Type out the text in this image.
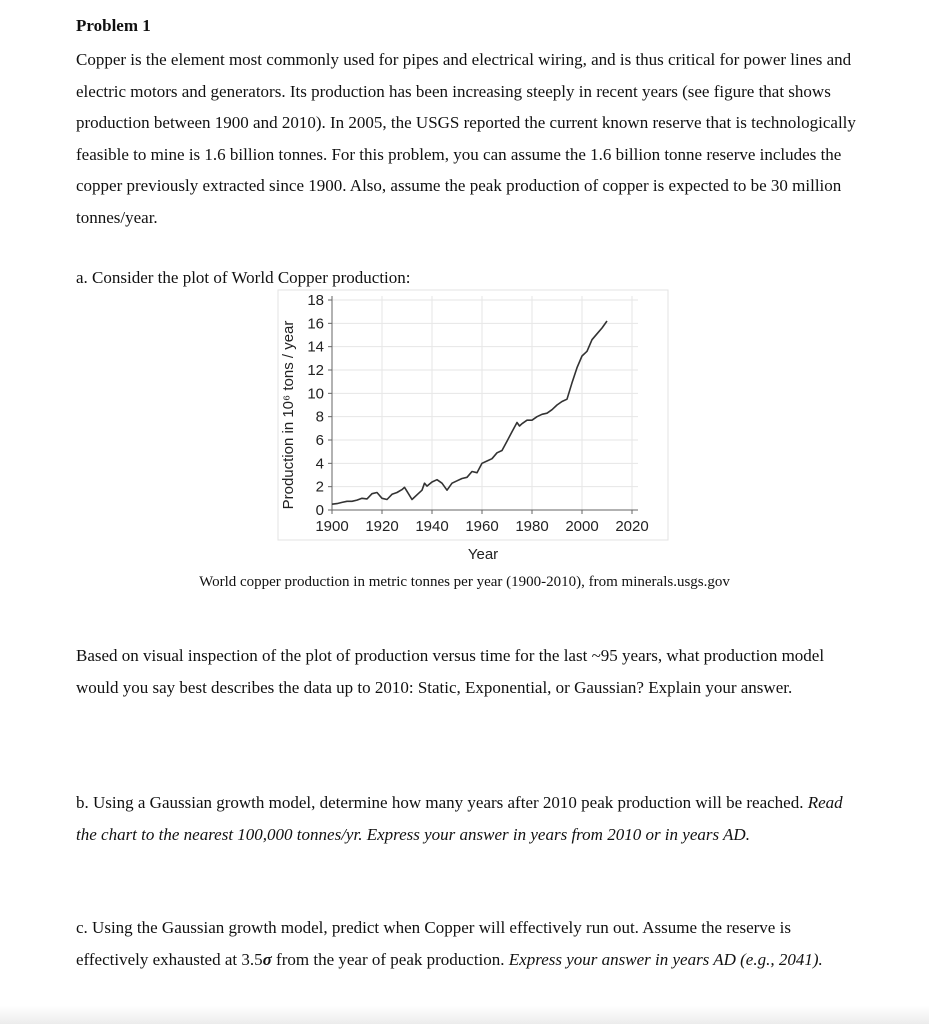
Problem 1

Copper is the element most commonly used for pipes and electrical wiring, and is thus critical for power lines and electric motors and generators. Its production has been increasing steeply in recent years (see figure that shows production between 1900 and 2010). In 2005, the USGS reported the current known reserve that is technologically feasible to mine is 1.6 billion tonnes. For this problem, you can assume the 1.6 billion tonne reserve includes the copper previously extracted since 1900. Also, assume the peak production of copper is expected to be 30 million tonnes/year.

a. Consider the plot of World Copper production:

1900 1920 1940 1960 1980 2000 2020
0
2
4
6
8
10
12
14
16
18
Production in 10⁶ tons / year
Year
World copper production in metric tonnes per year (1900-2010), from minerals.usgs.gov

Based on visual inspection of the plot of production versus time for the last ~95 years, what production model would you say best describes the data up to 2010: Static, Exponential, or Gaussian? Explain your answer.

b. Using a Gaussian growth model, determine how many years after 2010 peak production will be reached. Read the chart to the nearest 100,000 tonnes/yr. Express your answer in years from 2010 or in years AD.

c. Using the Gaussian growth model, predict when Copper will effectively run out. Assume the reserve is effectively exhausted at 3.5σ from the year of peak production. Express your answer in years AD (e.g., 2041).
